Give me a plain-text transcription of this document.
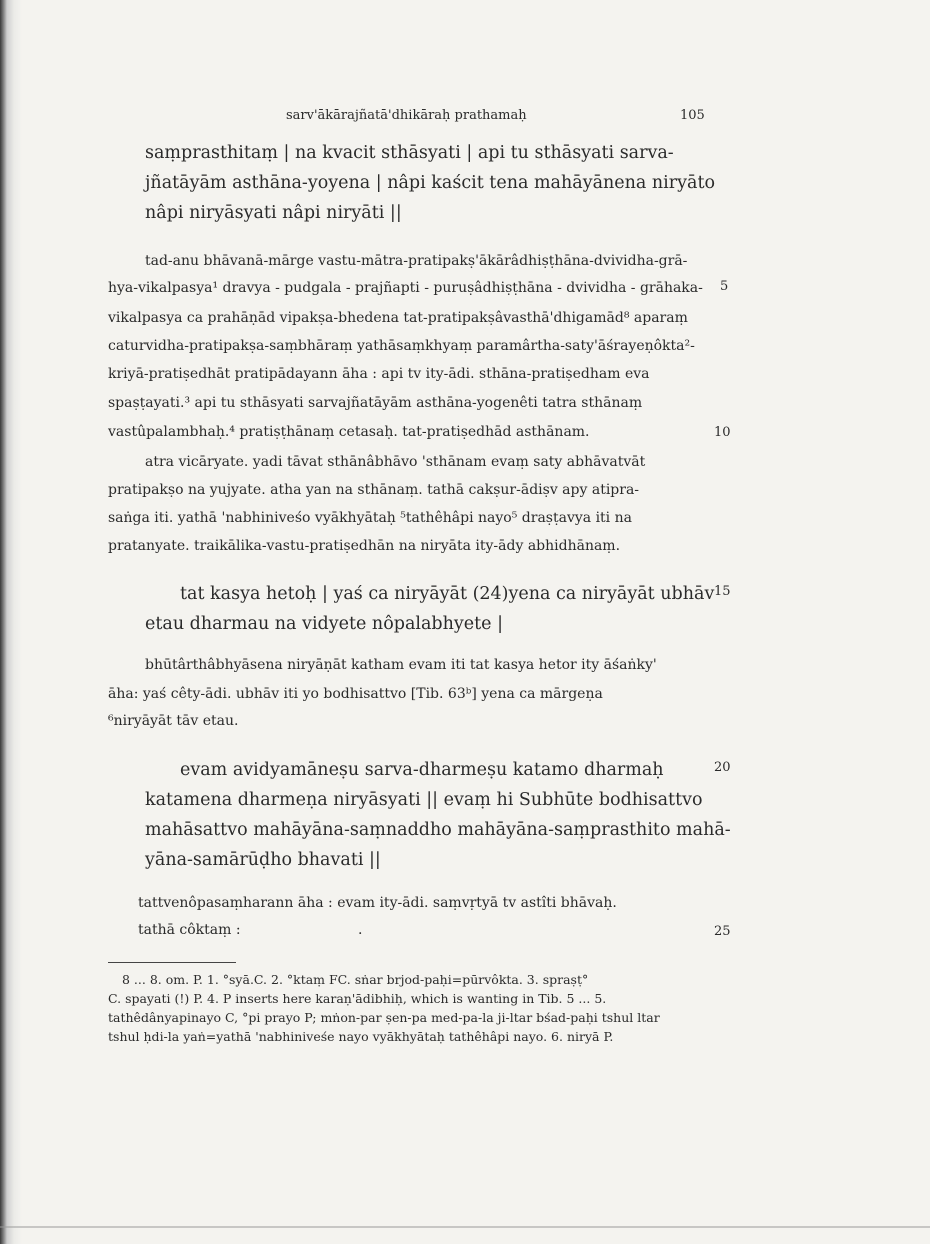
sarv'ākārajñatā'dhikāraḥ prathamaḥ	105
saṃprasthitaṃ | na kvacit sthāsyati | api tu sthāsyati sarva-
jñatāyām asthāna-yoyena | nâpi kaścit tena mahāyānena niryāto
nâpi niryāsyati nâpi niryāti ||
tad-anu bhāvanā-mārge vastu-mātra-pratipakṣ'ākārâdhiṣṭhāna-dvividha-grā-
hya-vikalpasya¹ dravya - pudgala - prajñapti - puruṣâdhiṣṭhāna - dvividha - grāhaka-
vikalpasya ca prahāṇād vipakṣa-bhedena tat-pratipakṣâvasthā'dhigamād⁸ aparaṃ
caturvidha-pratipakṣa-saṃbhāraṃ yathāsaṃkhyaṃ paramârtha-saty'āśrayeṇôkta²-
kriyā-pratiṣedhāt pratipādayann āha : api tv ity-ādi. sthāna-pratiṣedham eva
spaṣṭayati.³ api tu sthāsyati sarvajñatāyām asthāna-yogenêti tatra sthānaṃ
vastûpalambhaḥ.⁴ pratiṣṭhānaṃ cetasaḥ. tat-pratiṣedhād asthānam.
atra vicāryate. yadi tāvat sthānâbhāvo 'sthānam evaṃ saty abhāvatvāt
pratipakṣo na yujyate. atha yan na sthānaṃ. tathā cakṣur-ādiṣv apy atipra-
saṅga iti. yathā 'nabhiniveśo vyākhyātaḥ ⁵tathêhâpi nayo⁵ draṣṭavya iti na
pratanyate. traikālika-vastu-pratiṣedhān na niryāta ity-ādy abhidhānaṃ.
tat kasya hetoḥ | yaś ca niryāyāt (24)yena ca niryāyāt ubhāv
etau dharmau na vidyete nôpalabhyete |
bhūtârthâbhyāsena niryāṇāt katham evam iti tat kasya hetor ity āśaṅky'
āha: yaś cêty-ādi. ubhāv iti yo bodhisattvo [Tib. 63ᵇ] yena ca mārgeṇa
⁶niryāyāt tāv etau.
evam avidyamāneṣu sarva-dharmeṣu katamo dharmaḥ
katamena dharmeṇa niryāsyati || evaṃ hi Subhūte bodhisattvo
mahāsattvo mahāyāna-saṃnaddho mahāyāna-saṃprasthito mahā-
yāna-samārūḍho bhavati ||
tattvenôpasaṃharann āha : evam ity-ādi. saṃvṛtyā tv astîti bhāvaḥ.
tathā côktaṃ :	.
5
10
15
20
25
8 ... 8. om. P. 1. °syā.C. 2. °ktaṃ FC. sṅar brjod-paḥi=pūrvôkta. 3. spraṣṭ°
C. spayati (!) P. 4. P inserts here karaṇ'ādibhiḥ, which is wanting in Tib. 5 ... 5.
tathêdânyapinayo C, °pi prayo P; mṅon-par ṣen-pa med-pa-la ji-ltar bśad-paḥi tshul ltar
tshul ḥdi-la yaṅ=yathā 'nabhiniveśe nayo vyākhyātaḥ tathêhâpi nayo. 6. niryā P.
